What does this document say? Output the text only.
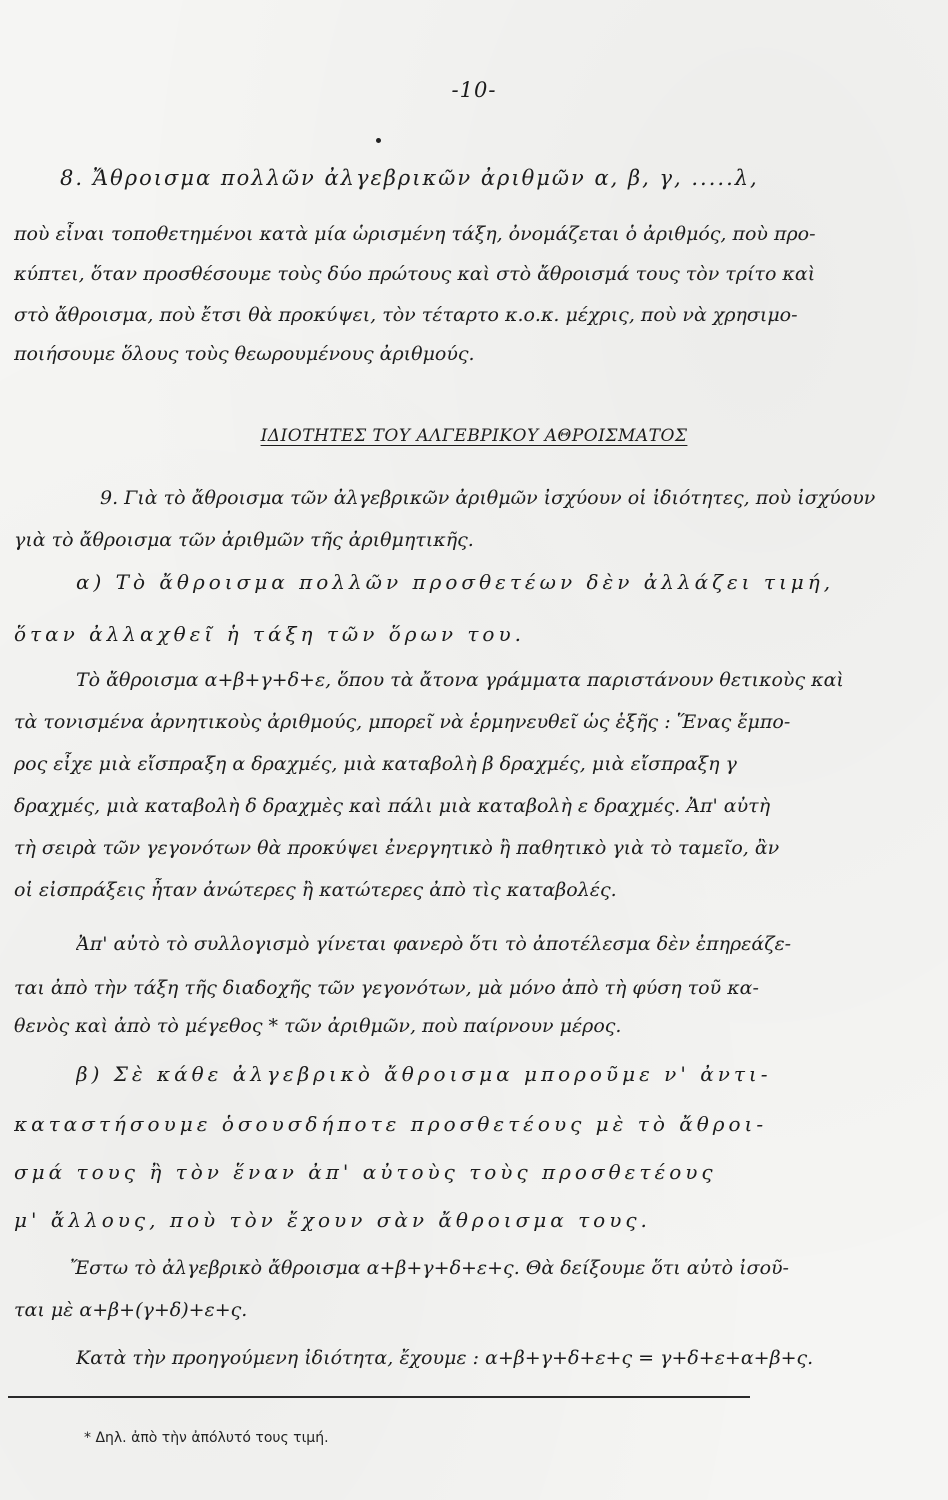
-10-
8. Ἄθροισμα πολλῶν ἀλγεβρικῶν ἀριθμῶν α, β, γ, .....λ,
ποὺ εἶναι τοποθετημένοι κατὰ μία ὡρισμένη τάξη, ὀνομάζεται ὁ ἀριθμός, ποὺ προ-
κύπτει, ὅταν προσθέσουμε τοὺς δύο πρώτους καὶ στὸ ἄθροισμά τους τὸν τρίτο καὶ
στὸ ἄθροισμα, ποὺ ἔτσι θὰ προκύψει, τὸν τέταρτο κ.ο.κ. μέχρις, ποὺ νὰ χρησιμο-
ποιήσουμε ὅλους τοὺς θεωρουμένους ἀριθμούς.
ΙΔΙΟΤΗΤΕΣ ΤΟΥ ΑΛΓΕΒΡΙΚΟΥ ΑΘΡΟΙΣΜΑΤΟΣ
9. Γιὰ τὸ ἄθροισμα τῶν ἀλγεβρικῶν ἀριθμῶν ἰσχύουν οἱ ἰδιότητες, ποὺ ἰσχύουν
γιὰ τὸ ἄθροισμα τῶν ἀριθμῶν τῆς ἀριθμητικῆς.
α) Τὸ ἄθροισμα πολλῶν προσθετέων δὲν ἀλλάζει τιμή,
ὅταν ἀλλαχθεῖ ἡ τάξη τῶν ὅρων του.
Τὸ ἄθροισμα α+β+γ+δ+ε, ὅπου τὰ ἄτονα γράμματα παριστάνουν θετικοὺς καὶ
τὰ τονισμένα ἀρνητικοὺς ἀριθμούς, μπορεῖ νὰ ἑρμηνευθεῖ ὡς ἑξῆς : Ἕνας ἔμπο-
ρος εἶχε μιὰ εἴσπραξη α δραχμές, μιὰ καταβολὴ β δραχμές, μιὰ εἴσπραξη γ
δραχμές, μιὰ καταβολὴ δ δραχμὲς καὶ πάλι μιὰ καταβολὴ ε δραχμές. Ἀπ' αὐτὴ
τὴ σειρὰ τῶν γεγονότων θὰ προκύψει ἐνεργητικὸ ἢ παθητικὸ γιὰ τὸ ταμεῖο, ἂν
οἱ εἰσπράξεις ἦταν ἀνώτερες ἢ κατώτερες ἀπὸ τὶς καταβολές.
Ἀπ' αὐτὸ τὸ συλλογισμὸ γίνεται φανερὸ ὅτι τὸ ἀποτέλεσμα δὲν ἐπηρεάζε-
ται ἀπὸ τὴν τάξη τῆς διαδοχῆς τῶν γεγονότων, μὰ μόνο ἀπὸ τὴ φύση τοῦ κα-
θενὸς καὶ ἀπὸ τὸ μέγεθος * τῶν ἀριθμῶν, ποὺ παίρνουν μέρος.
β) Σὲ κάθε ἀλγεβρικὸ ἄθροισμα μποροῦμε ν' ἀντι-
καταστήσουμε ὁσουσδήποτε προσθετέους μὲ τὸ ἄθροι-
σμά τους ἢ τὸν ἕναν ἀπ' αὐτοὺς τοὺς προσθετέους
μ' ἄλλους, ποὺ τὸν ἔχουν σὰν ἄθροισμα τους.
Ἔστω τὸ ἀλγεβρικὸ ἄθροισμα α+β+γ+δ+ε+ς. Θὰ δείξουμε ὅτι αὐτὸ ἰσοῦ-
ται μὲ α+β+(γ+δ)+ε+ς.
Κατὰ τὴν προηγούμενη ἰδιότητα, ἔχουμε : α+β+γ+δ+ε+ς = γ+δ+ε+α+β+ς.
* Δηλ. ἀπὸ τὴν ἀπόλυτό τους τιμή.
